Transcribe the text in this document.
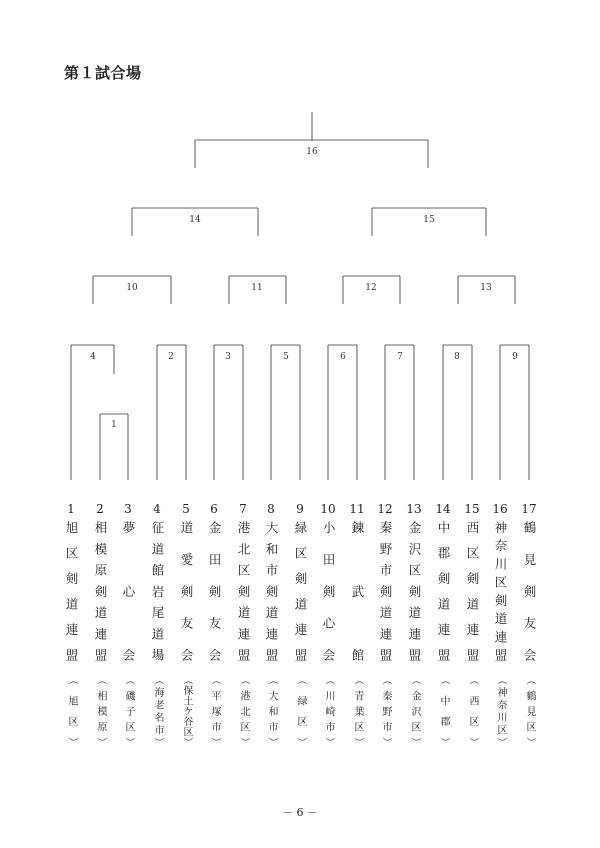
第１試合場
16
14	15
10	11	12	13
4	2	3	5	6	7	8	9
1
1
旭区剣道連盟
（旭区）
2
相模原剣道連盟
（相模原）
3
夢心会
（磯子区）
4
征道館岩尾道場
（海老名市）
5
道愛剣友会
（保土ケ谷区）
6
金田剣友会
（平塚市）
7
港北区剣道連盟
（港北区）
8
大和市剣道連盟
（大和市）
9
緑区剣道連盟
（緑区）
10
小田剣心会
（川崎市）
11
錬武館
（青葉区）
12
秦野市剣道連盟
（秦野市）
13
金沢区剣道連盟
（金沢区）
14
中郡剣道連盟
（中郡）
15
西区剣道連盟
（西区）
16
神奈川区剣道連盟
（神奈川区）
17
鶴見剣友会
（鶴見区）
－ 6 －
